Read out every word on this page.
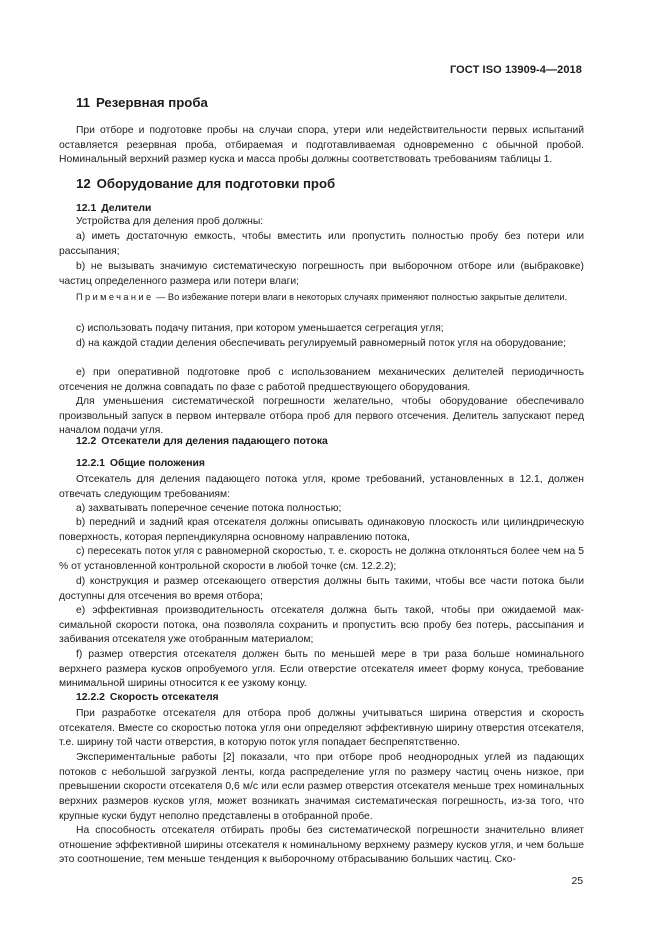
ГОСТ ISO 13909-4—2018
11 Резервная проба

При отборе и подготовке пробы на случаи спора, утери или недействительности первых испытаний оставляется резервная проба, отбираемая и подготавливаемая одновременно с обычной пробой. Номинальный верхний размер куска и масса пробы должны соответствовать требованиям таблицы 1.

12 Оборудование для подготовки проб
12.1 Делители

Устройства для деления проб должны:

a) иметь достаточную емкость, чтобы вместить или пропустить полностью пробу без потери или рассыпания;

b) не вызывать значимую систематическую погрешность при выборочном отборе или (выбраковке) частиц определенного размера или потери влаги;

Примечание — Во избежание потери влаги в некоторых случаях применяют полностью закрытые делители.

c) использовать подачу питания, при котором уменьшается сегрегация угля;

d) на каждой стадии деления обеспечивать регулируемый равномерный поток угля на оборудование;

e) при оперативной подготовке проб с использованием механических делителей периодичность отсечения не должна совпадать по фазе с работой предшествующего оборудования.

Для уменьшения систематической погрешности желательно, чтобы оборудование обеспечивало произвольный запуск в первом интервале отбора проб для первого отсечения. Делитель запускают перед началом подачи угля.

12.2 Отсекатели для деления падающего потока
12.2.1 Общие положения

Отсекатель для деления падающего потока угля, кроме требований, установленных в 12.1, должен отвечать следующим требованиям:

a) захватывать поперечное сечение потока полностью;

b) передний и задний края отсекателя должны описывать одинаковую плоскость или цилиндрическую поверхность, которая перпендикулярна основному направлению потока,

c) пересекать поток угля с равномерной скоростью, т. е. скорость не должна отклоняться более чем на 5 % от установленной контрольной скорости в любой точке (см. 12.2.2);

d) конструкция и размер отсекающего отверстия должны быть такими, чтобы все части потока были доступны для отсечения во время отбора;

e) эффективная производительность отсекателя должна быть такой, чтобы при ожидаемой максимальной скорости потока, она позволяла сохранить и пропустить всю пробу без потерь, рассыпания и забивания отсекателя уже отобранным материалом;

f) размер отверстия отсекателя должен быть по меньшей мере в три раза больше номинального верхнего размера кусков опробуемого угля. Если отверстие отсекателя имеет форму конуса, требование минимальной ширины относится к ее узкому концу.

12.2.2 Скорость отсекателя

При разработке отсекателя для отбора проб должны учитываться ширина отверстия и скорость отсекателя. Вместе со скоростью потока угля они определяют эффективную ширину отверстия отсекателя, т.е. ширину той части отверстия, в которую поток угля попадает беспрепятственно.

Экспериментальные работы [2] показали, что при отборе проб неоднородных углей из падающих потоков с небольшой загрузкой ленты, когда распределение угля по размеру частиц очень низкое, при превышении скорости отсекателя 0,6 м/с или если размер отверстия отсекателя меньше трех номинальных верхних размеров кусков угля, может возникать значимая систематическая погрешность, из-за того, что крупные куски будут неполно представлены в отобранной пробе.

На способность отсекателя отбирать пробы без систематической погрешности значительно влияет отношение эффективной ширины отсекателя к номинальному верхнему размеру кусков угля, и чем больше это соотношение, тем меньше тенденция к выборочному отбрасыванию больших частиц. Ско-

25
